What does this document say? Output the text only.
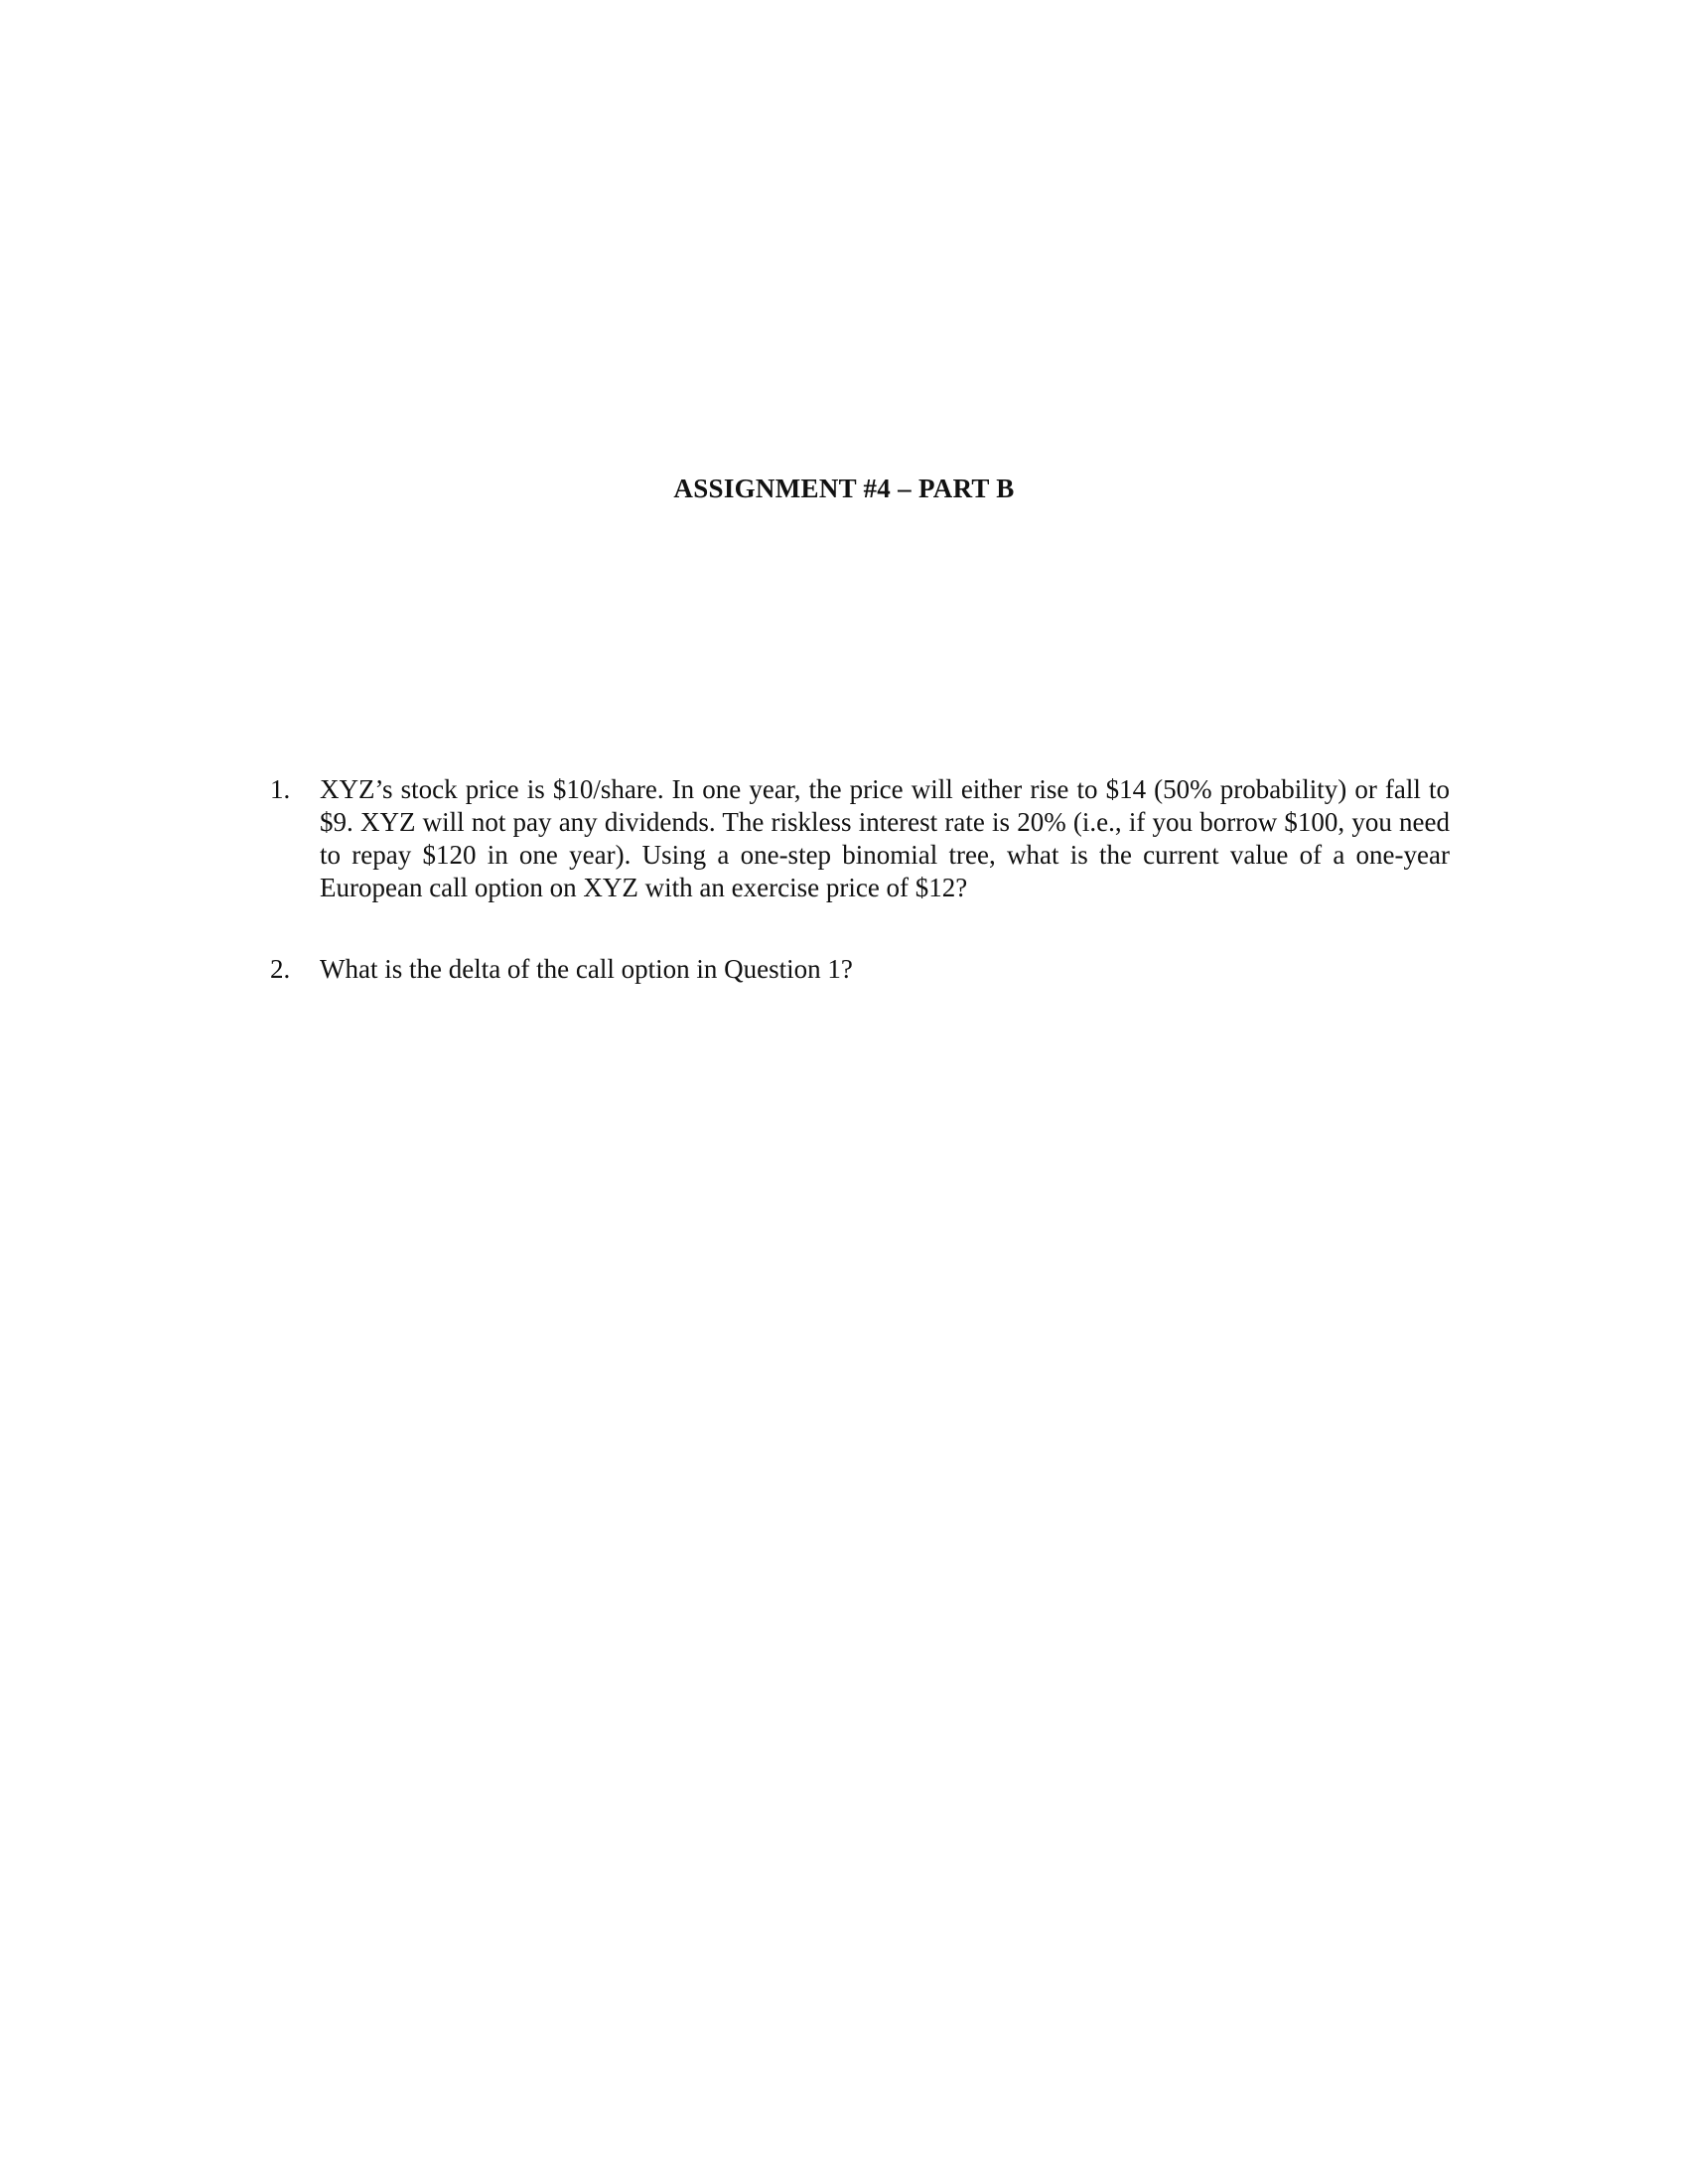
ASSIGNMENT #4 – PART B
1. XYZ’s stock price is $10/share. In one year, the price will either rise to $14 (50% probability) or fall to $9. XYZ will not pay any dividends. The riskless interest rate is 20% (i.e., if you borrow $100, you need to repay $120 in one year). Using a one-step binomial tree, what is the current value of a one-year European call option on XYZ with an exercise price of $12?
2. What is the delta of the call option in Question 1?
